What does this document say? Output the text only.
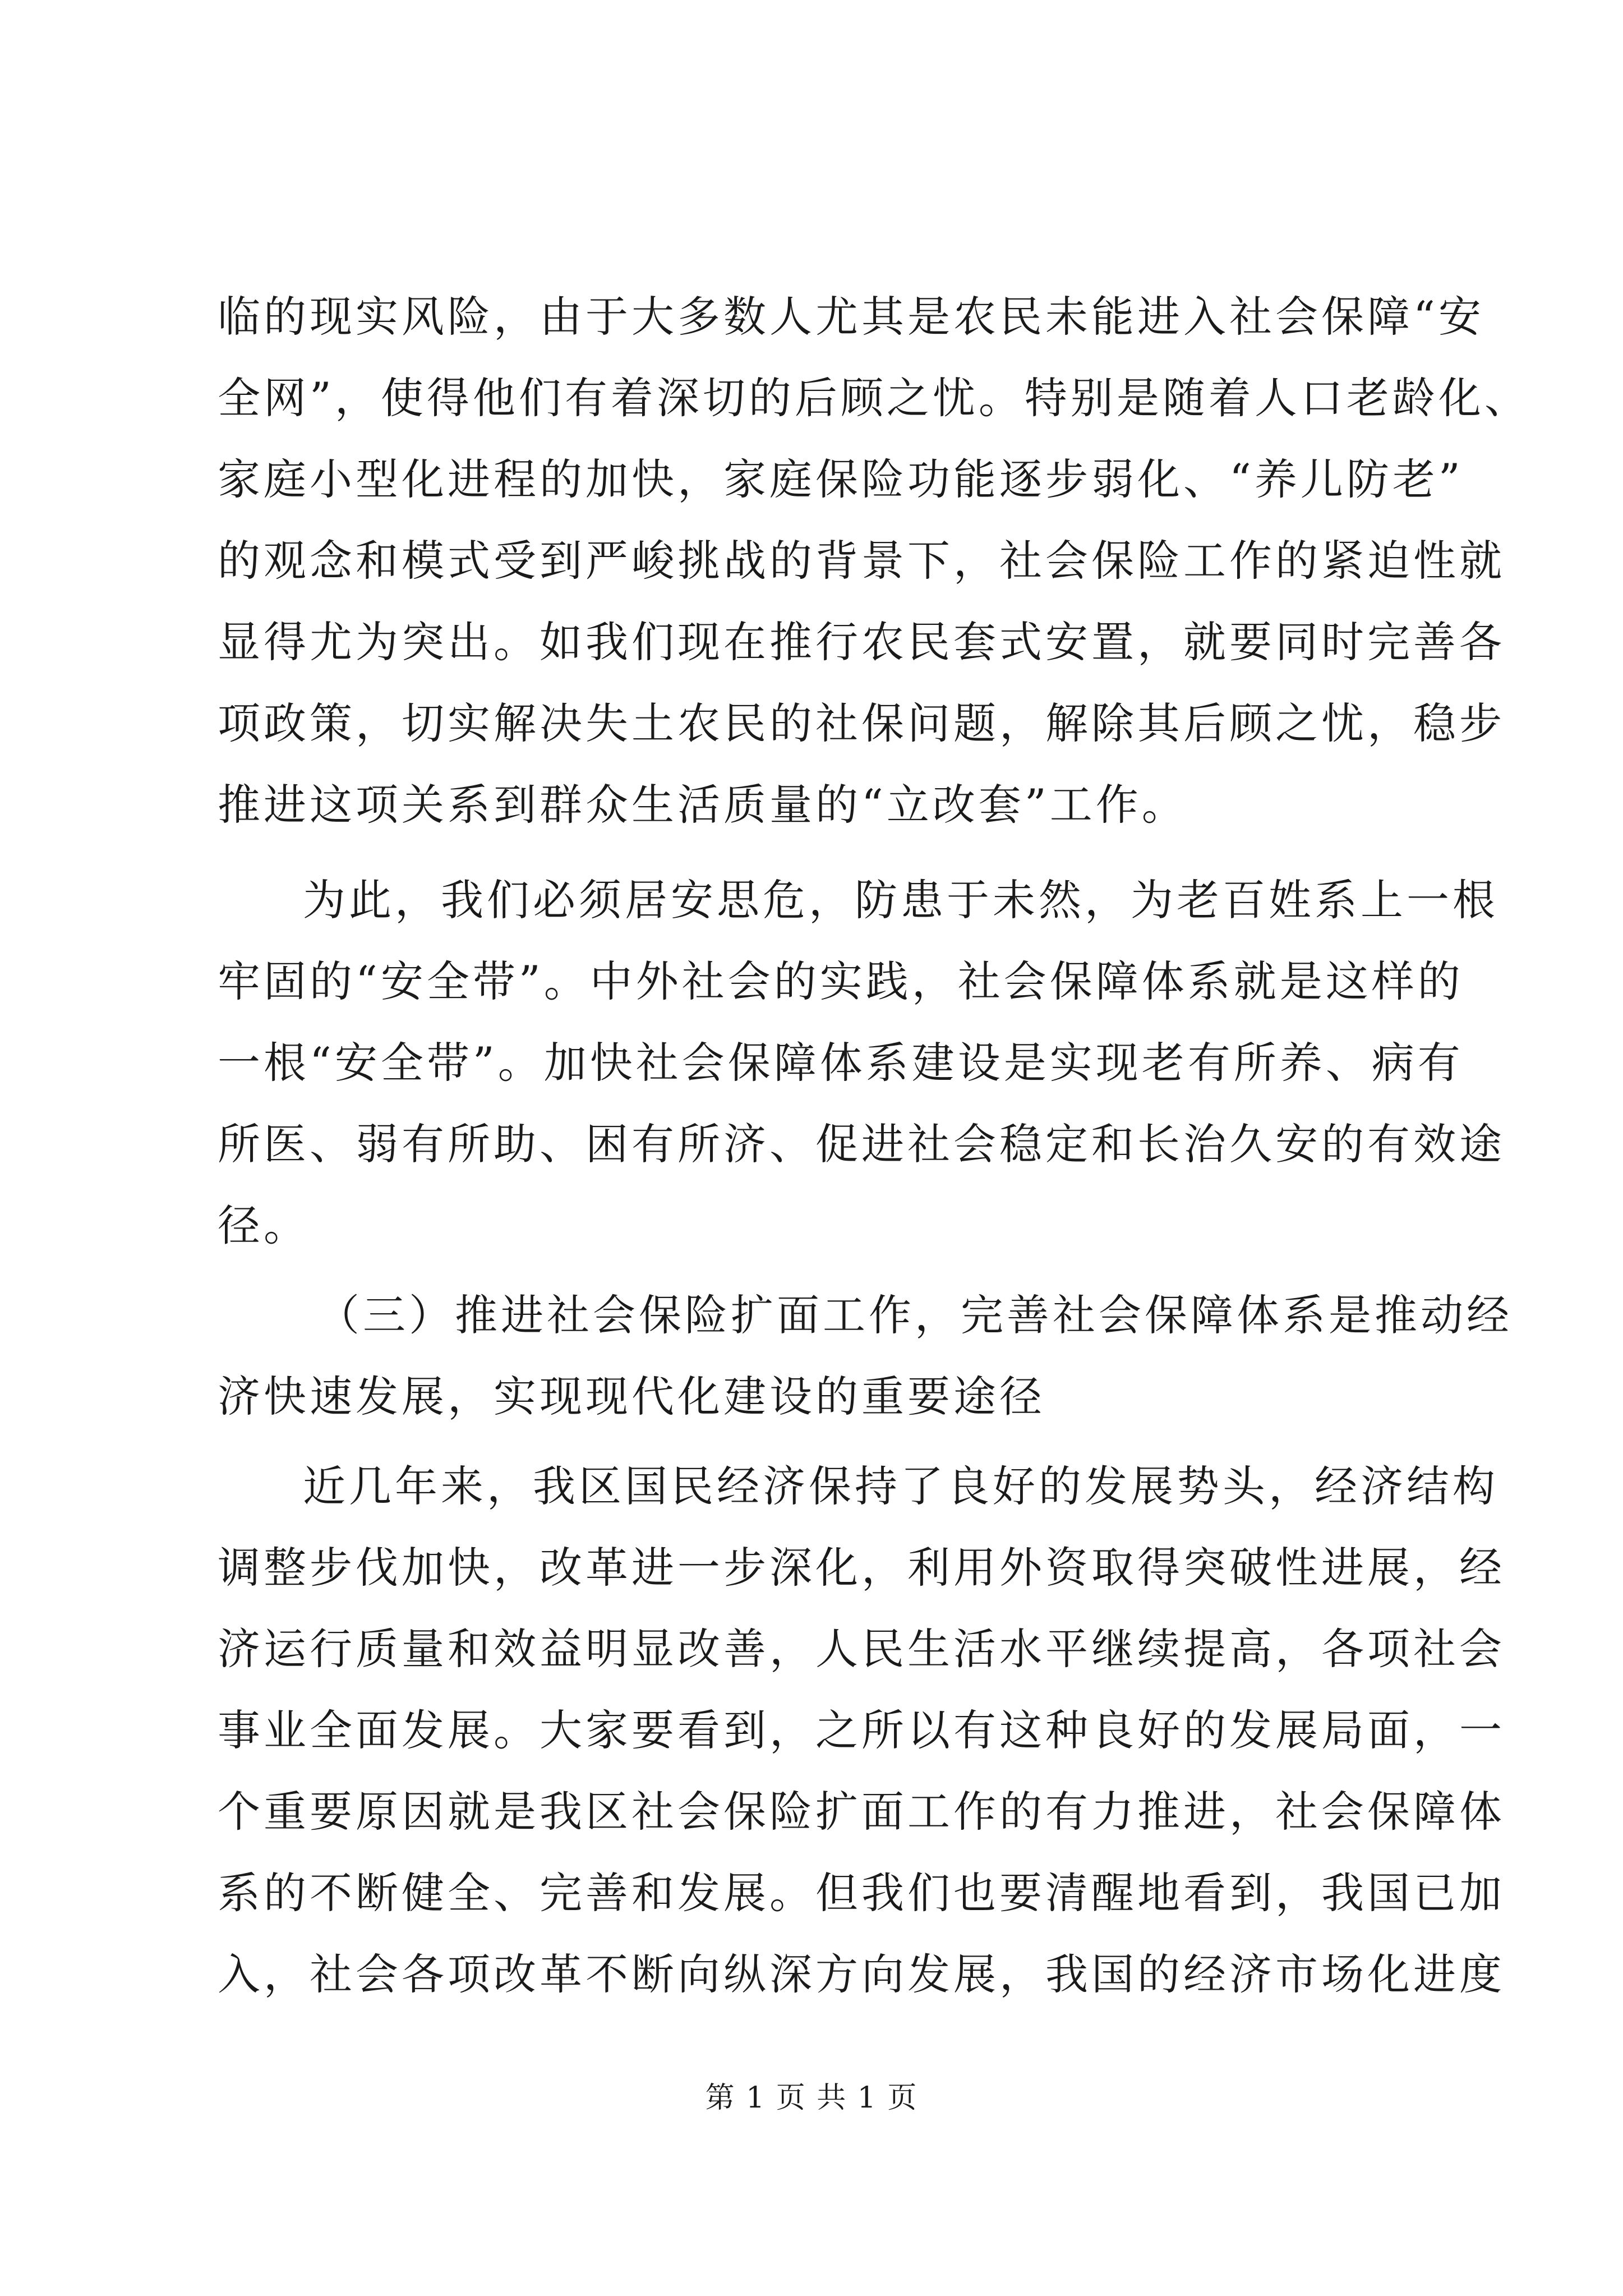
临的现实风险，由于大多数人尤其是农民未能进入社会保障“安
全网”，使得他们有着深切的后顾之忧。特别是随着人口老龄化、
家庭小型化进程的加快，家庭保险功能逐步弱化、“养儿防老”
的观念和模式受到严峻挑战的背景下，社会保险工作的紧迫性就
显得尤为突出。如我们现在推行农民套式安置，就要同时完善各
项政策，切实解决失土农民的社保问题，解除其后顾之忧，稳步
推进这项关系到群众生活质量的“立改套”工作。
为此，我们必须居安思危，防患于未然，为老百姓系上一根
牢固的“安全带”。中外社会的实践，社会保障体系就是这样的
一根“安全带”。加快社会保障体系建设是实现老有所养、病有
所医、弱有所助、困有所济、促进社会稳定和长治久安的有效途
径。
（三）推进社会保险扩面工作，完善社会保障体系是推动经
济快速发展，实现现代化建设的重要途径
近几年来，我区国民经济保持了良好的发展势头，经济结构
调整步伐加快，改革进一步深化，利用外资取得突破性进展，经
济运行质量和效益明显改善，人民生活水平继续提高，各项社会
事业全面发展。大家要看到，之所以有这种良好的发展局面，一
个重要原因就是我区社会保险扩面工作的有力推进，社会保障体
系的不断健全、完善和发展。但我们也要清醒地看到，我国已加
入，社会各项改革不断向纵深方向发展，我国的经济市场化进度
第 1 页 共 1 页
